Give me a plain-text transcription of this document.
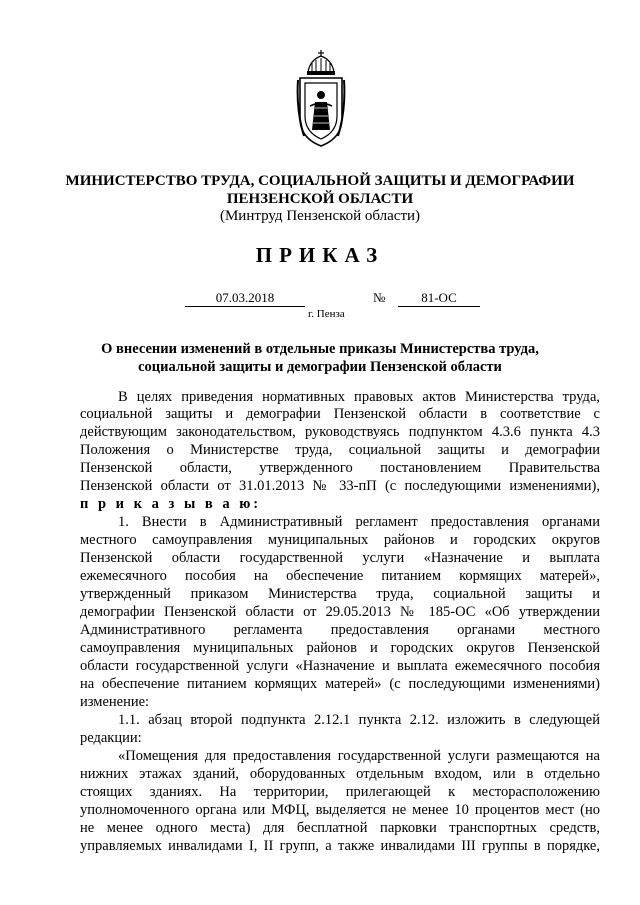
МИНИСТЕРСТВО ТРУДА, СОЦИАЛЬНОЙ ЗАЩИТЫ И ДЕМОГРАФИИ
ПЕНЗЕНСКОЙ ОБЛАСТИ
(Минтруд Пензенской области)
ПРИКАЗ
07.03.2018	№	81-ОС
г. Пенза
О внесении изменений в отдельные приказы Министерства труда,
социальной защиты и демографии Пензенской области
В целях приведения нормативных правовых актов Министерства труда,
социальной защиты и демографии Пензенской области в соответствие с
действующим законодательством, руководствуясь подпунктом 4.3.6 пункта 4.3
Положения о Министерстве труда, социальной защиты и демографии
Пензенской области, утвержденного постановлением Правительства
Пензенской области от 31.01.2013 № 33-пП (с последующими изменениями),
п р и к а з ы в а ю:
1. Внести в Административный регламент предоставления органами
местного самоуправления муниципальных районов и городских округов
Пензенской области государственной услуги «Назначение и выплата
ежемесячного пособия на обеспечение питанием кормящих матерей»,
утвержденный приказом Министерства труда, социальной защиты и
демографии Пензенской области от 29.05.2013 № 185-ОС «Об утверждении
Административного регламента предоставления органами местного
самоуправления муниципальных районов и городских округов Пензенской
области государственной услуги «Назначение и выплата ежемесячного пособия
на обеспечение питанием кормящих матерей» (с последующими изменениями)
изменение:
1.1. абзац второй подпункта 2.12.1 пункта 2.12. изложить в следующей
редакции:
«Помещения для предоставления государственной услуги размещаются на
нижних этажах зданий, оборудованных отдельным входом, или в отдельно
стоящих зданиях. На территории, прилегающей к месторасположению
уполномоченного органа или МФЦ, выделяется не менее 10 процентов мест (но
не менее одного места) для бесплатной парковки транспортных средств,
управляемых инвалидами I, II групп, а также инвалидами III группы в порядке,
